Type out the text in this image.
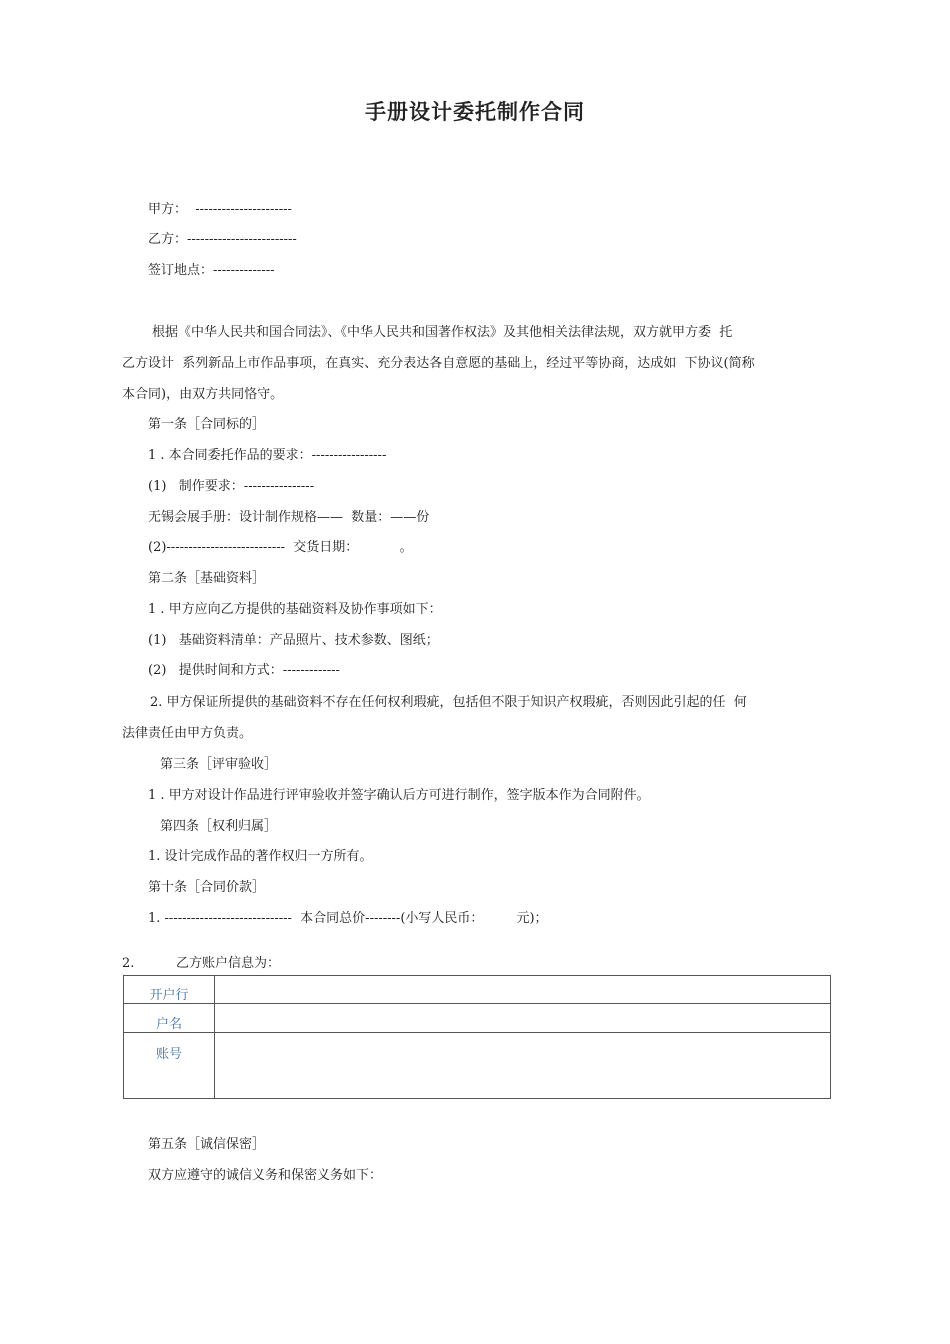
手册设计委托制作合同
甲方：  ----------------------
乙方：-------------------------
签订地点：--------------
根据《中华人民共和国合同法》、《中华人民共和国著作权法》及其他相关法律法规，双方就甲方委  托
乙方设计  系列新品上市作品事项，在真实、充分表达各自意愿的基础上，经过平等协商，达成如  下协议(简称
本合同)，由双方共同恪守。
第一条［合同标的］
1 . 本合同委托作品的要求：-----------------
(1)   制作要求：----------------
无锡会展手册：设计制作规格——  数量：——份
(2)---------------------------  交货日期：          。
第二条［基础资料］
1 . 甲方应向乙方提供的基础资料及协作事项如下：
(1)   基础资料清单：产品照片、技术参数、图纸；
(2)   提供时间和方式：-------------
2. 甲方保证所提供的基础资料不存在任何权利瑕疵，包括但不限于知识产权瑕疵，否则因此引起的任  何
法律责任由甲方负责。
第三条［评审验收］
1 . 甲方对设计作品进行评审验收并签字确认后方可进行制作，签字版本作为合同附件。
第四条［权利归属］
1. 设计完成作品的著作权归一方所有。
第十条［合同价款］
1. -----------------------------  本合同总价--------(小写人民币：        元)；
2.	乙方账户信息为：
开户行	
户名	
账号	
第五条［诚信保密］
双方应遵守的诚信义务和保密义务如下：
